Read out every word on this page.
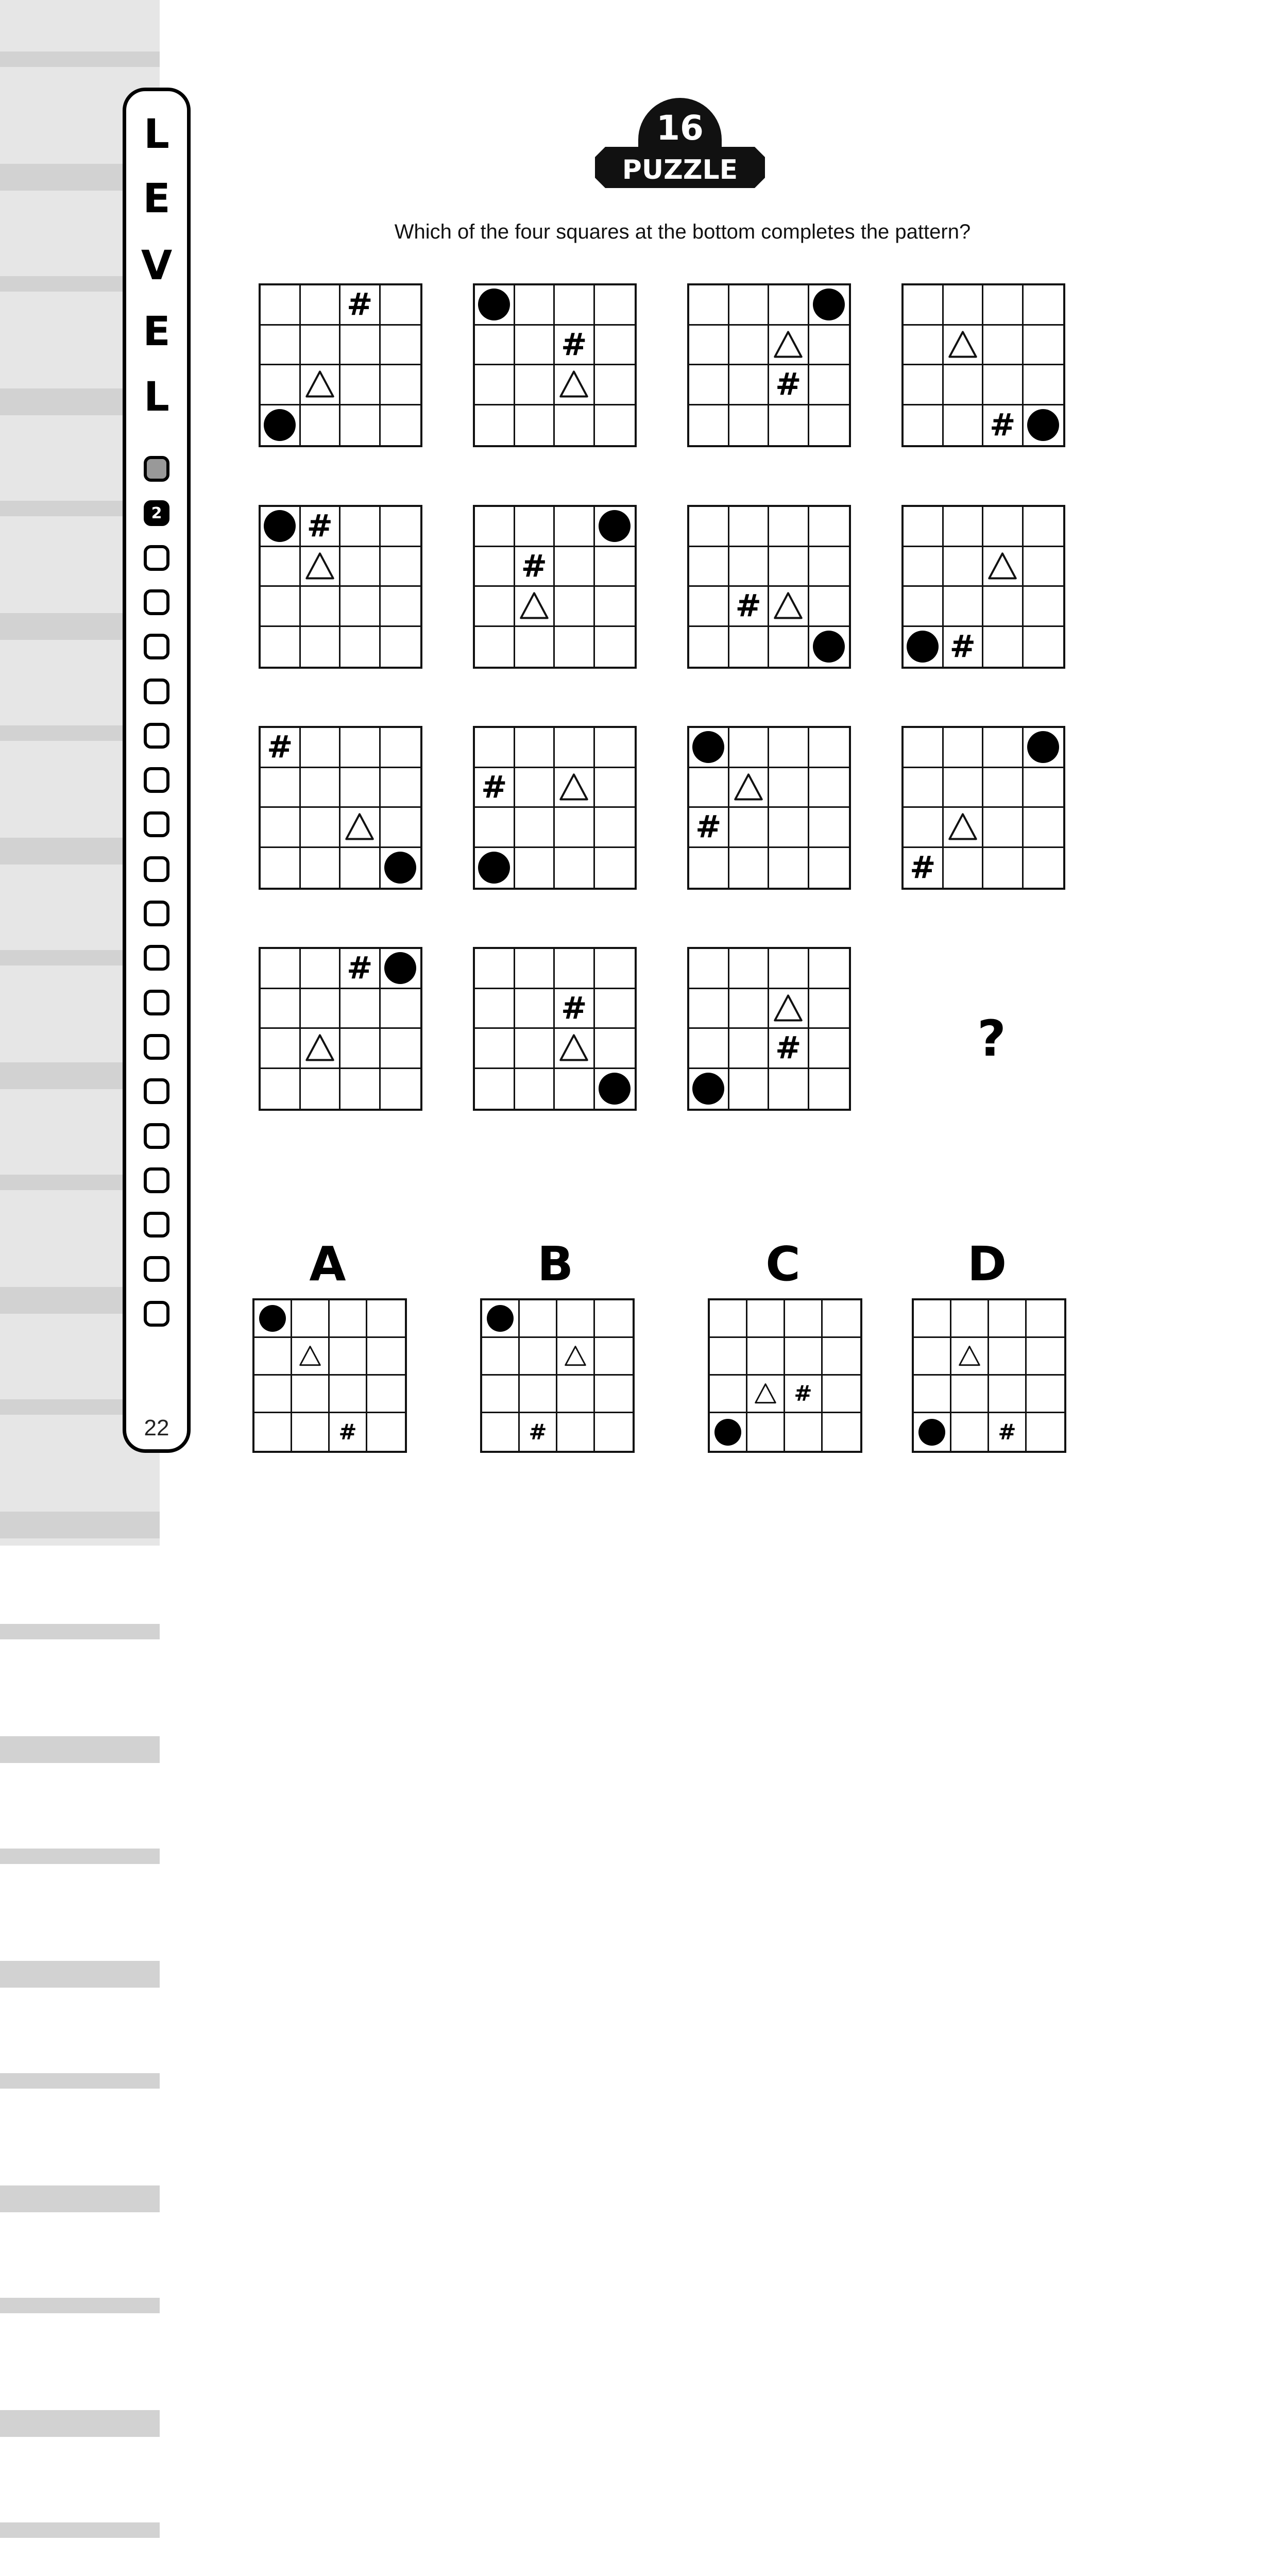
L
E
V
E
L
2
22
16
PUZZLE
Which of the four squares at the bottom completes the pattern?
#
#
#
#
#
#
#
#
#
#
#
#
#
#
#	?
A
#
B
#
C
#
D
#
